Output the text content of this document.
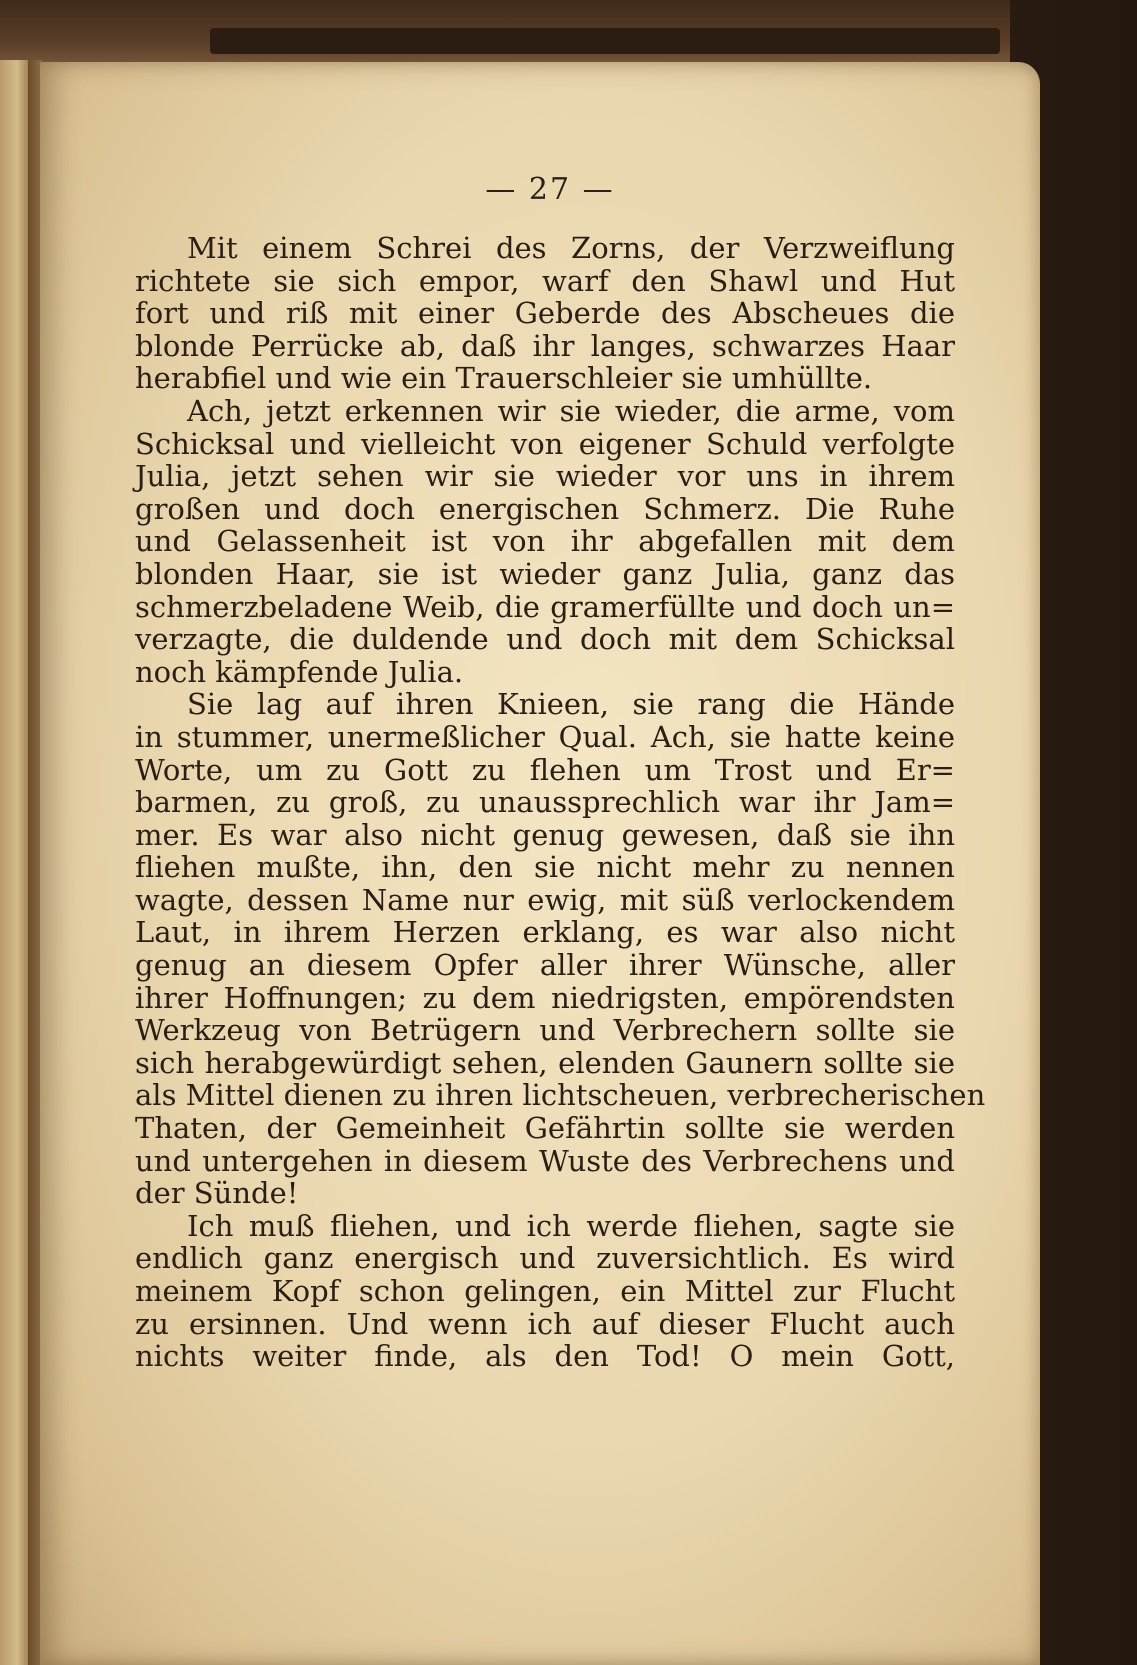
— 27 —
Mit einem Schrei des Zorns, der Verzweiflung
richtete sie sich empor, warf den Shawl und Hut
fort und riß mit einer Geberde des Abscheues die
blonde Perrücke ab, daß ihr langes, schwarzes Haar
herabfiel und wie ein Trauerschleier sie umhüllte.
Ach, jetzt erkennen wir sie wieder, die arme, vom
Schicksal und vielleicht von eigener Schuld verfolgte
Julia, jetzt sehen wir sie wieder vor uns in ihrem
großen und doch energischen Schmerz. Die Ruhe
und Gelassenheit ist von ihr abgefallen mit dem
blonden Haar, sie ist wieder ganz Julia, ganz das
schmerzbeladene Weib, die gramerfüllte und doch un=
verzagte, die duldende und doch mit dem Schicksal
noch kämpfende Julia.
Sie lag auf ihren Knieen, sie rang die Hände
in stummer, unermeßlicher Qual. Ach, sie hatte keine
Worte, um zu Gott zu flehen um Trost und Er=
barmen, zu groß, zu unaussprechlich war ihr Jam=
mer. Es war also nicht genug gewesen, daß sie ihn
fliehen mußte, ihn, den sie nicht mehr zu nennen
wagte, dessen Name nur ewig, mit süß verlockendem
Laut, in ihrem Herzen erklang, es war also nicht
genug an diesem Opfer aller ihrer Wünsche, aller
ihrer Hoffnungen; zu dem niedrigsten, empörendsten
Werkzeug von Betrügern und Verbrechern sollte sie
sich herabgewürdigt sehen, elenden Gaunern sollte sie
als Mittel dienen zu ihren lichtscheuen, verbrecherischen
Thaten, der Gemeinheit Gefährtin sollte sie werden
und untergehen in diesem Wuste des Verbrechens und
der Sünde!
Ich muß fliehen, und ich werde fliehen, sagte sie
endlich ganz energisch und zuversichtlich. Es wird
meinem Kopf schon gelingen, ein Mittel zur Flucht
zu ersinnen. Und wenn ich auf dieser Flucht auch
nichts weiter finde, als den Tod! O mein Gott,
